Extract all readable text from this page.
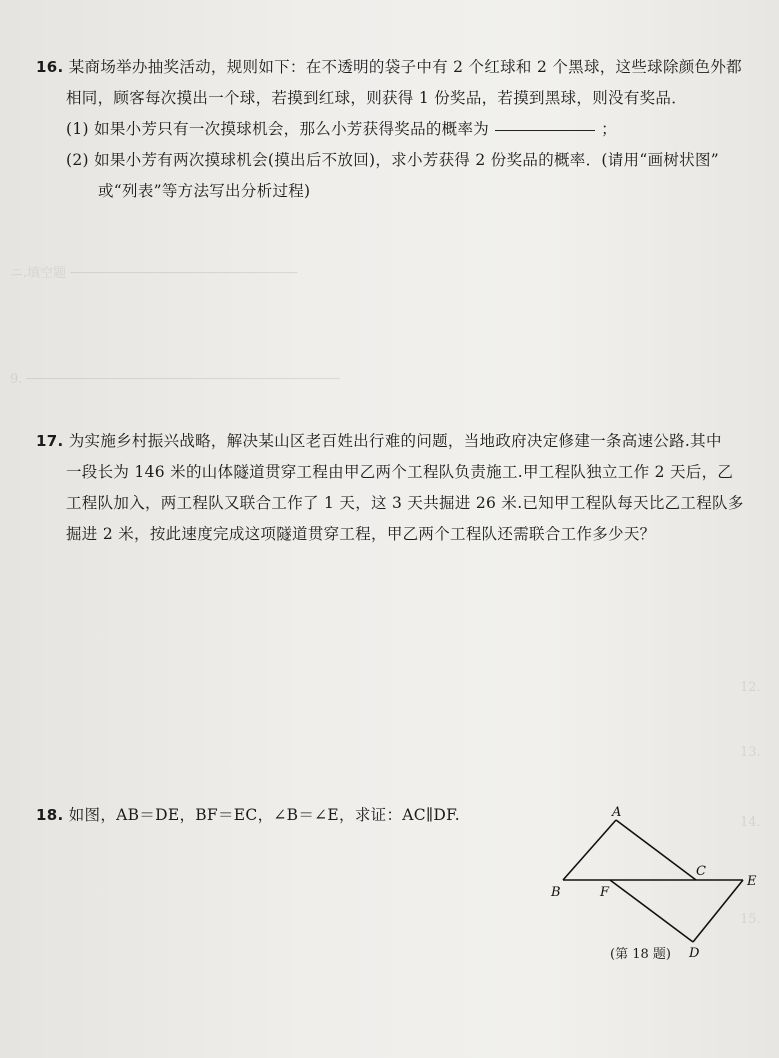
ニ.填空题 ─────────────────────────────
9. ────────────────────────────────────────
12.
13.
14.
15.
16. 某商场举办抽奖活动，规则如下：在不透明的袋子中有 2 个红球和 2 个黑球，这些球除颜色外都
相同，顾客每次摸出一个球，若摸到红球，则获得 1 份奖品，若摸到黑球，则没有奖品．
(1) 如果小芳只有一次摸球机会，那么小芳获得奖品的概率为	；
(2) 如果小芳有两次摸球机会(摸出后不放回)，求小芳获得 2 份奖品的概率．(请用“画树状图”
或“列表”等方法写出分析过程)
17. 为实施乡村振兴战略，解决某山区老百姓出行难的问题，当地政府决定修建一条高速公路.其中
一段长为 146 米的山体隧道贯穿工程由甲乙两个工程队负责施工.甲工程队独立工作 2 天后，乙
工程队加入，两工程队又联合工作了 1 天，这 3 天共掘进 26 米.已知甲工程队每天比乙工程队多
掘进 2 米，按此速度完成这项隧道贯穿工程，甲乙两个工程队还需联合工作多少天？
18. 如图，AB＝DE，BF＝EC，∠B＝∠E，求证：AC∥DF.	A
B	F
C
E
D
(第 18 题)
